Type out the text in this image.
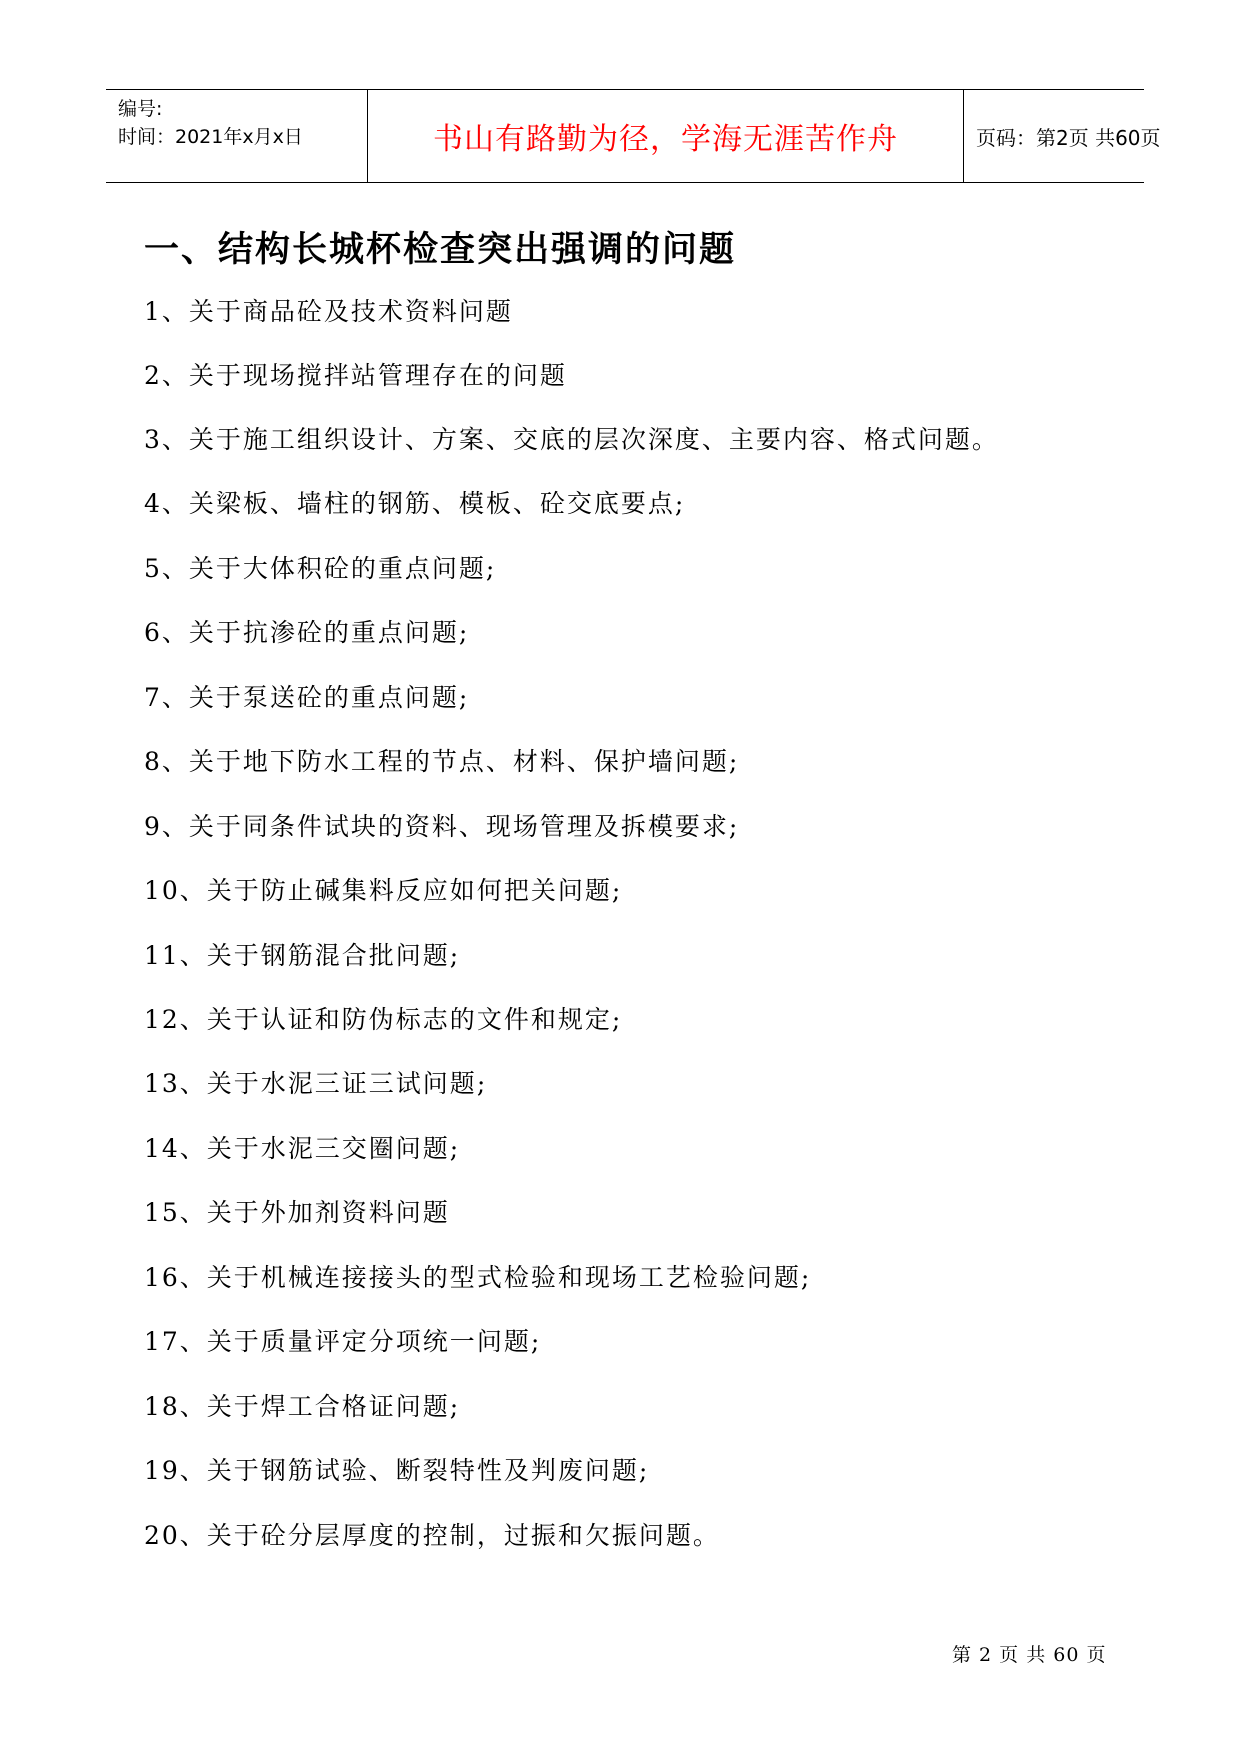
编号:
时间：2021年x月x日	书山有路勤为径，学海无涯苦作舟	页码：第2页 共60页
一、结构长城杯检查突出强调的问题
1、关于商品砼及技术资料问题
2、关于现场搅拌站管理存在的问题
3、关于施工组织设计、方案、交底的层次深度、主要内容、格式问题。
4、关梁板、墙柱的钢筋、模板、砼交底要点;
5、关于大体积砼的重点问题;
6、关于抗渗砼的重点问题;
7、关于泵送砼的重点问题;
8、关于地下防水工程的节点、材料、保护墙问题;
9、关于同条件试块的资料、现场管理及拆模要求;
10、关于防止碱集料反应如何把关问题;
11、关于钢筋混合批问题;
12、关于认证和防伪标志的文件和规定;
13、关于水泥三证三试问题;
14、关于水泥三交圈问题;
15、关于外加剂资料问题
16、关于机械连接接头的型式检验和现场工艺检验问题;
17、关于质量评定分项统一问题;
18、关于焊工合格证问题;
19、关于钢筋试验、断裂特性及判废问题;
20、关于砼分层厚度的控制，过振和欠振问题。
第 2 页 共 60 页
